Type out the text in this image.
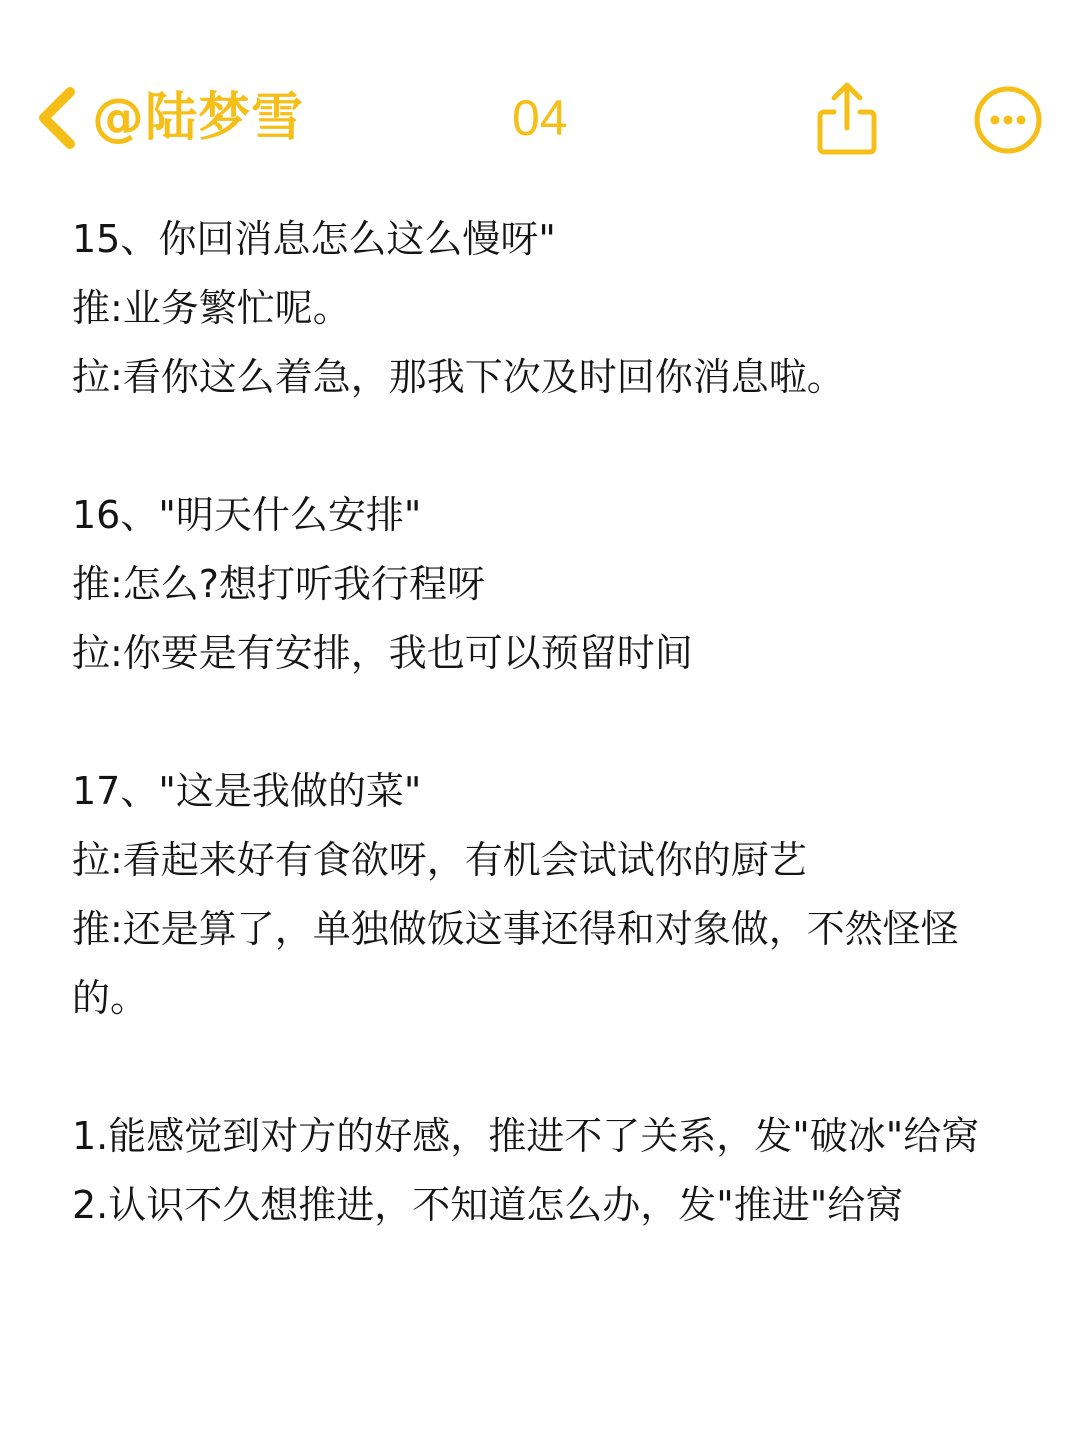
@陆梦雪	04
15、你回消息怎么这么慢呀"
推:业务繁忙呢。
拉:看你这么着急，那我下次及时回你消息啦。
16、"明天什么安排"
推:怎么?想打听我行程呀
拉:你要是有安排，我也可以预留时间
17、"这是我做的菜"
拉:看起来好有食欲呀，有机会试试你的厨艺
推:还是算了，单独做饭这事还得和对象做，不然怪怪
的。
1.能感觉到对方的好感，推进不了关系，发"破冰"给窝
2.认识不久想推进，不知道怎么办，发"推进"给窝
